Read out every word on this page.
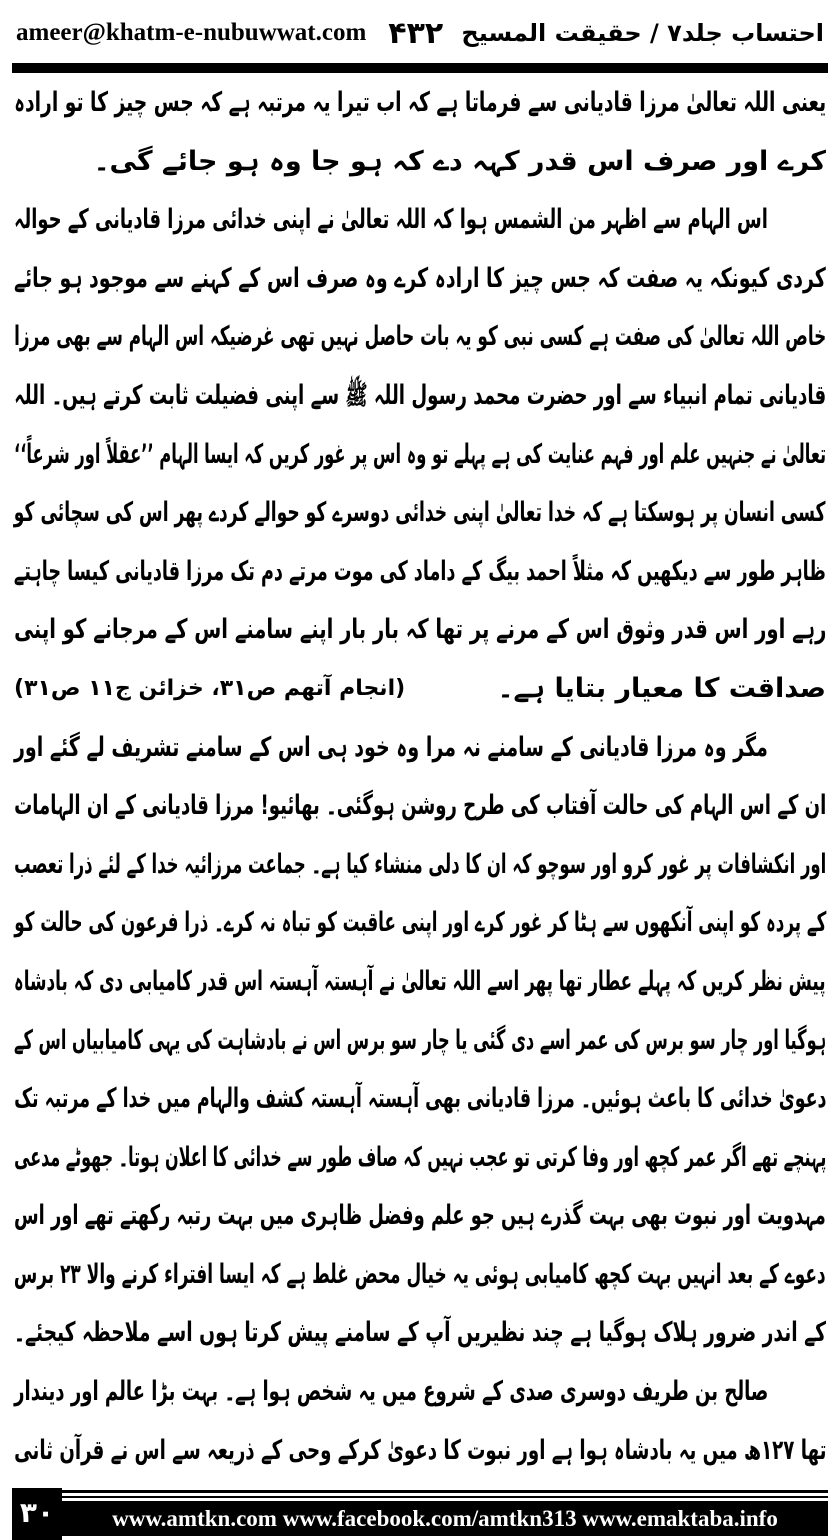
ameer@khatm-e-nubuwwat.com ۴۳۲ احتساب جلد۷ / حقیقت المسیح
یعنی اللہ تعالیٰ مرزا قادیانی سے فرماتا ہے کہ اب تیرا یہ مرتبہ ہے کہ جس چیز کا تو ارادہ
کرے اور صرف اس قدر کہہ دے کہ ہو جا وہ ہو جائے گی۔
اس الہام سے اظہر من الشمس ہوا کہ اللہ تعالیٰ نے اپنی خدائی مرزا قادیانی کے حوالہ
کردی کیونکہ یہ صفت کہ جس چیز کا ارادہ کرے وہ صرف اس کے کہنے سے موجود ہو جائے
خاص اللہ تعالیٰ کی صفت ہے کسی نبی کو یہ بات حاصل نہیں تھی غرضیکہ اس الہام سے بھی مرزا
قادیانی تمام انبیاء سے اور حضرت محمد رسول اللہ ﷺ سے اپنی فضیلت ثابت کرتے ہیں۔ اللہ
تعالیٰ نے جنہیں علم اور فہم عنایت کی ہے پہلے تو وہ اس پر غور کریں کہ ایسا الہام ’’عقلاً اور شرعاً‘‘
کسی انسان پر ہوسکتا ہے کہ خدا تعالیٰ اپنی خدائی دوسرے کو حوالے کردے پھر اس کی سچائی کو
ظاہر طور سے دیکھیں کہ مثلاً احمد بیگ کے داماد کی موت مرتے دم تک مرزا قادیانی کیسا چاہتے
رہے اور اس قدر وثوق اس کے مرنے پر تھا کہ بار بار اپنے سامنے اس کے مرجانے کو اپنی
صداقت کا معیار بتایا ہے۔
(انجام آتھم ص۳۱، خزائن ج۱۱ ص۳۱)
مگر وہ مرزا قادیانی کے سامنے نہ مرا وہ خود ہی اس کے سامنے تشریف لے گئے اور
ان کے اس الہام کی حالت آفتاب کی طرح روشن ہوگئی۔ بھائیو! مرزا قادیانی کے ان الہامات
اور انکشافات پر غور کرو اور سوچو کہ ان کا دلی منشاء کیا ہے۔ جماعت مرزائیہ خدا کے لئے ذرا تعصب
کے پردہ کو اپنی آنکھوں سے ہٹا کر غور کرے اور اپنی عاقبت کو تباہ نہ کرے۔ ذرا فرعون کی حالت کو
پیش نظر کریں کہ پہلے عطار تھا پھر اسے اللہ تعالیٰ نے آہستہ آہستہ اس قدر کامیابی دی کہ بادشاہ
ہوگیا اور چار سو برس کی عمر اسے دی گئی یا چار سو برس اس نے بادشاہت کی یہی کامیابیاں اس کے
دعویٰ خدائی کا باعث ہوئیں۔ مرزا قادیانی بھی آہستہ آہستہ کشف والہام میں خدا کے مرتبہ تک
پہنچے تھے اگر عمر کچھ اور وفا کرتی تو عجب نہیں کہ صاف طور سے خدائی کا اعلان ہوتا۔ جھوٹے مدعی
مہدویت اور نبوت بھی بہت گذرے ہیں جو علم وفضل ظاہری میں بہت رتبہ رکھتے تھے اور اس
دعوے کے بعد انہیں بہت کچھ کامیابی ہوئی یہ خیال محض غلط ہے کہ ایسا افتراء کرنے والا ۲۳ برس
کے اندر ضرور ہلاک ہوگیا ہے چند نظیریں آپ کے سامنے پیش کرتا ہوں اسے ملاحظہ کیجئے۔
صالح بن طریف دوسری صدی کے شروع میں یہ شخص ہوا ہے۔ بہت بڑا عالم اور دیندار
تھا ۱۲۷ھ میں یہ بادشاہ ہوا ہے اور نبوت کا دعویٰ کرکے وحی کے ذریعہ سے اس نے قرآن ثانی
۳۰	www.amtkn.com www.facebook.com/amtkn313 www.emaktaba.info
